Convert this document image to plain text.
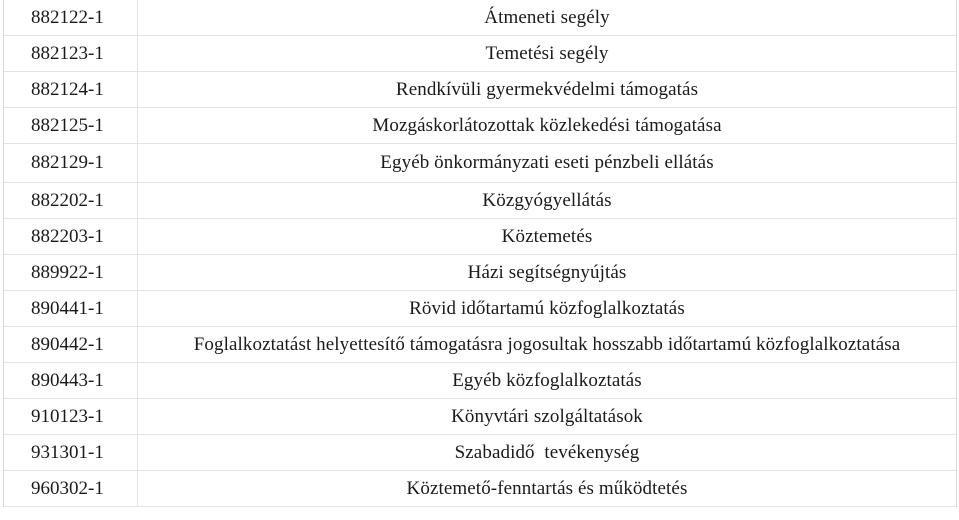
882122-1	Átmeneti segély
882123-1	Temetési segély
882124-1	Rendkívüli gyermekvédelmi támogatás
882125-1	Mozgáskorlátozottak közlekedési támogatása
882129-1	Egyéb önkormányzati eseti pénzbeli ellátás
882202-1	Közgyógyellátás
882203-1	Köztemetés
889922-1	Házi segítségnyújtás
890441-1	Rövid időtartamú közfoglalkoztatás
890442-1	Foglalkoztatást helyettesítő támogatásra jogosultak hosszabb időtartamú közfoglalkoztatása
890443-1	Egyéb közfoglalkoztatás
910123-1	Könyvtári szolgáltatások
931301-1	Szabadidő  tevékenység
960302-1	Köztemető-fenntartás és működtetés
